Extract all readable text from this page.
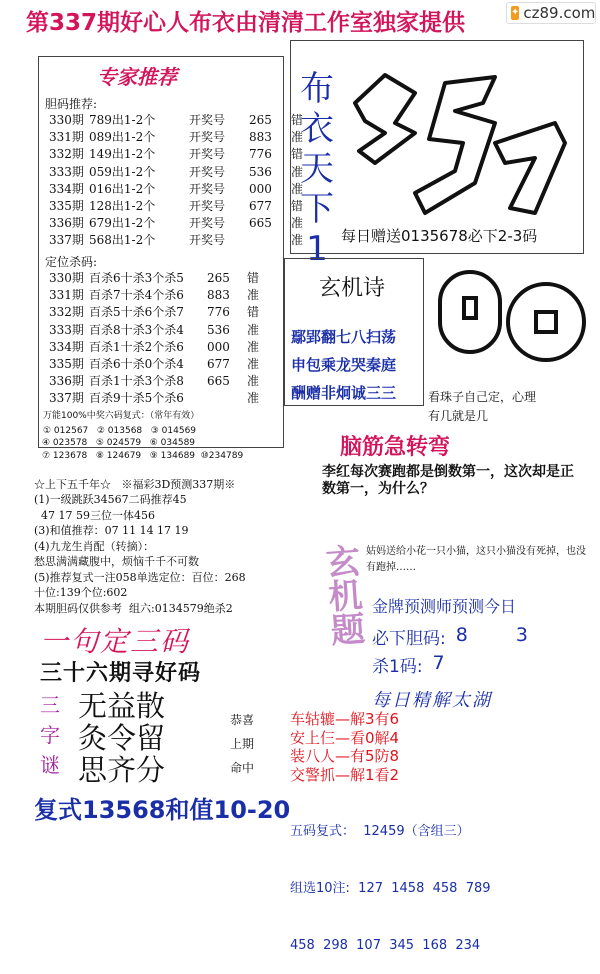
第337期好心人布衣由清清工作室独家提供	✦ cz89.com
专家推荐
胆码推荐:
330期 789出1-2个	开奖号	265	错
331期 089出1-2个	开奖号	883	准
332期 149出1-2个	开奖号	776	错
333期 059出1-2个	开奖号	536	准
334期 016出1-2个	开奖号	000	准
335期 128出1-2个	开奖号	677	错
336期 679出1-2个	开奖号	665	准
337期 568出1-2个	开奖号	准
定位杀码:
330期 百杀6十杀3个杀5	265	错
331期 百杀7十杀4个杀6	883	准
332期 百杀5十杀6个杀7	776	错
333期 百杀8十杀3个杀4	536	准
334期 百杀1十杀2个杀6	000	准
335期 百杀6十杀0个杀4	677	准
336期 百杀1十杀3个杀8	665	准
337期 百杀9十杀5个杀6	准
万能100%中奖六码复式：（常年有效）
① 012567   ② 013568   ③ 014569
④ 023578   ⑤ 024579   ⑥ 034589
⑦ 123678   ⑧ 124679   ⑨ 134689  ⑩234789
布
衣
天
下
1 每日赠送0135678必下2-3码
玄机诗
鄢郢翻七八扫荡
申包乘龙哭秦庭
酬赠非炯诚三三	看珠子自己定，心理
有几就是几
脑筋急转弯
李红每次赛跑都是倒数第一，这次却是正数第一，为什么？
☆上下五千年☆   ※福彩3D预测337期※
(1)一级跳跃34567二码推荐45
47 17 59三位一体456
(3)和值推荐：07 11 14 17 19
(4)九龙生肖配（转摘）：
愁思满满藏腹中，烦恼千千不可数
(5)推荐复式一注058单选定位：百位：268
十位:139个位:602
本期胆码仅供参考  组六:0134579绝杀2	玄机题 姑妈送给小花一只小猫，这只小猫没有死掉，也没有跑掉……
金牌预测师预测今日
必下胆码: 8	3
杀1码: 7
一句定三码
三十六期寻好码
三
字
谜
无益散
灸令留
思齐分
恭喜
上期
命中
复式13568和值10-20
每日精解太湖
车轱辘—解3有6
安上仨—看0解4
装八人—有5防8
交警抓—解1看2

五码复式：  12459（含组三）

组选10注:  127  1458  458  789

458  298  107  345  168  234
